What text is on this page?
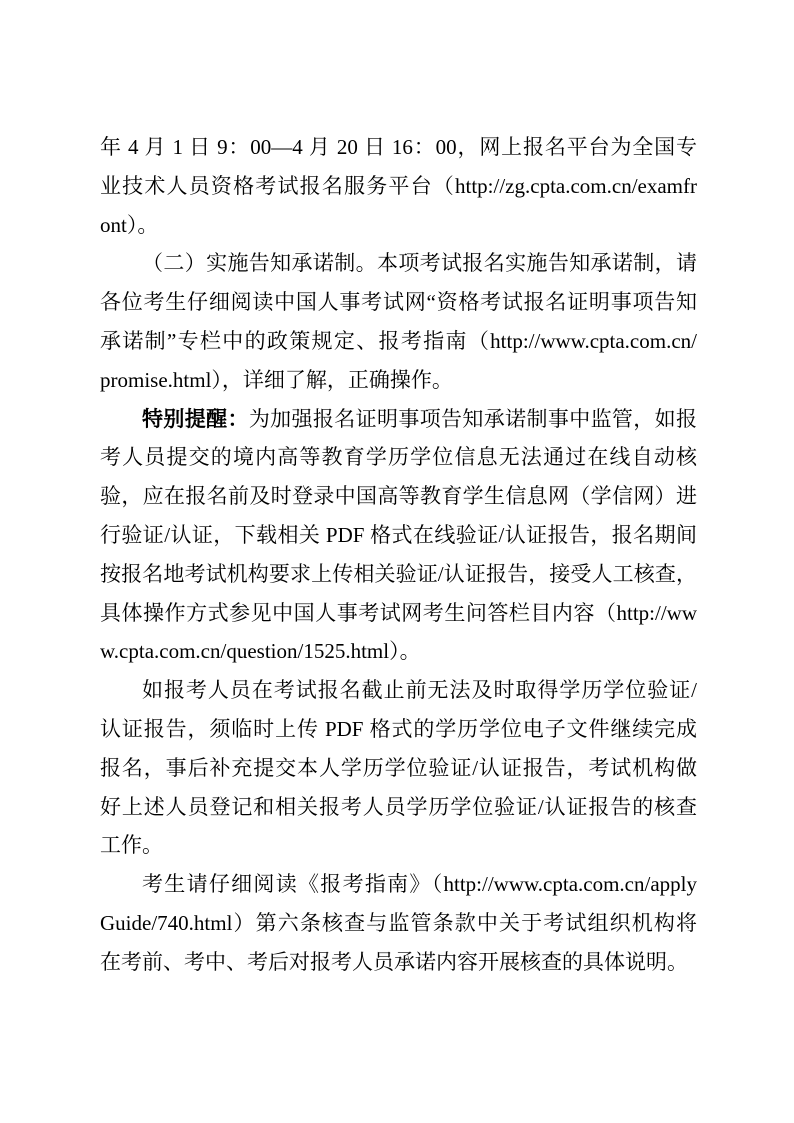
年 4 月 1 日 9：00—4 月 20 日 16：00，网上报名平台为全国专
业技术人员资格考试报名服务平台（http://zg.cpta.com.cn/examfr
ont）。
（二）实施告知承诺制。本项考试报名实施告知承诺制，请
各位考生仔细阅读中国人事考试网“资格考试报名证明事项告知
承诺制”专栏中的政策规定、报考指南（http://www.cpta.com.cn/
promise.html），详细了解，正确操作。
特别提醒：为加强报名证明事项告知承诺制事中监管，如报
考人员提交的境内高等教育学历学位信息无法通过在线自动核
验，应在报名前及时登录中国高等教育学生信息网（学信网）进
行验证/认证，下载相关 PDF 格式在线验证/认证报告，报名期间
按报名地考试机构要求上传相关验证/认证报告，接受人工核查，
具体操作方式参见中国人事考试网考生问答栏目内容（http://ww
w.cpta.com.cn/question/1525.html）。
如报考人员在考试报名截止前无法及时取得学历学位验证/
认证报告，须临时上传 PDF 格式的学历学位电子文件继续完成
报名，事后补充提交本人学历学位验证/认证报告，考试机构做
好上述人员登记和相关报考人员学历学位验证/认证报告的核查
工作。
考生请仔细阅读《报考指南》（http://www.cpta.com.cn/apply
Guide/740.html）第六条核查与监管条款中关于考试组织机构将
在考前、考中、考后对报考人员承诺内容开展核查的具体说明。
